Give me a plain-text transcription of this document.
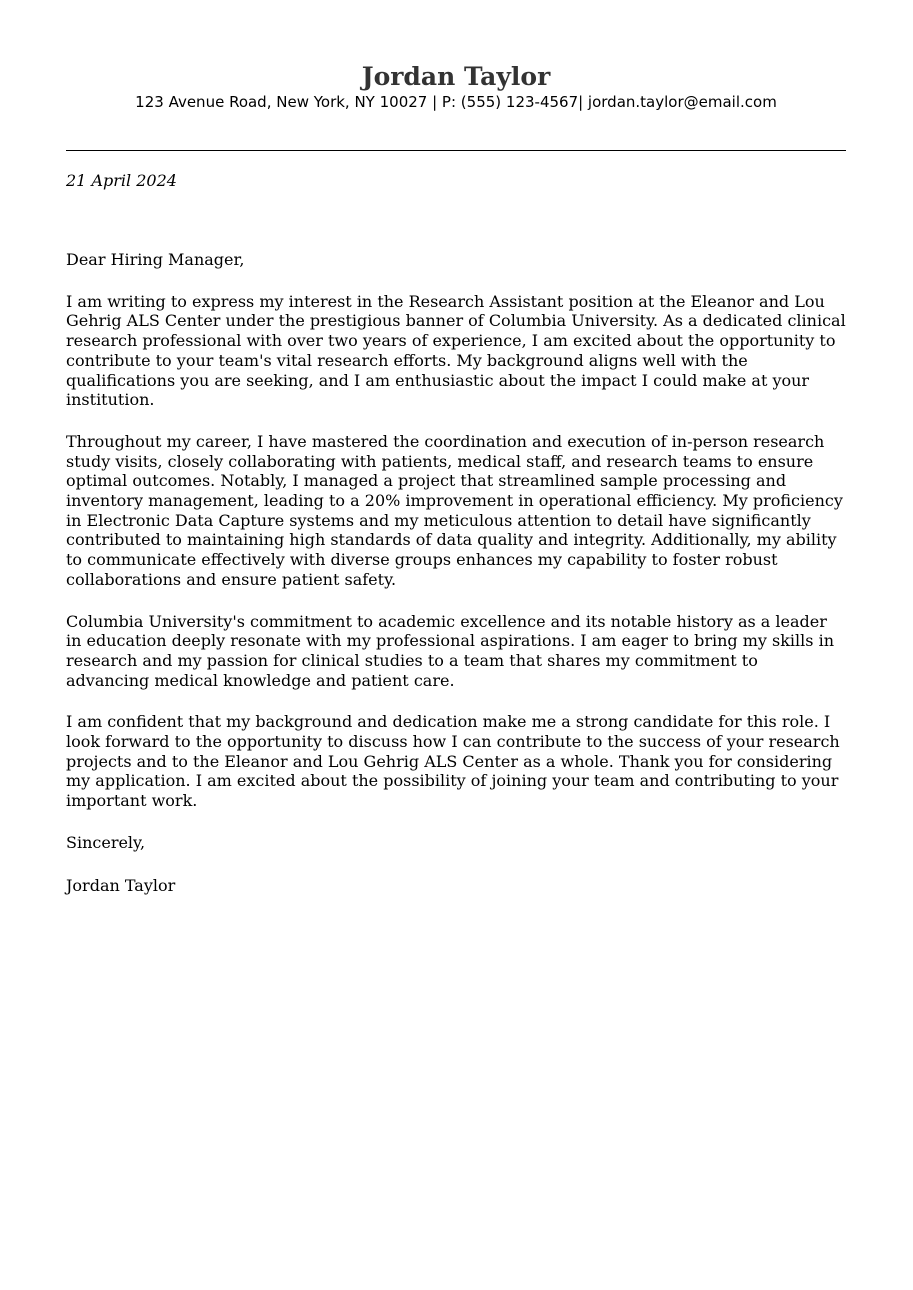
Jordan Taylor
123 Avenue Road, New York, NY 10027 | P: (555) 123-4567| jordan.taylor@email.com
21 April 2024

Dear Hiring Manager,

I am writing to express my interest in the Research Assistant position at the Eleanor and Lou Gehrig ALS Center under the prestigious banner of Columbia University. As a dedicated clinical research professional with over two years of experience, I am excited about the opportunity to contribute to your team's vital research efforts. My background aligns well with the qualifications you are seeking, and I am enthusiastic about the impact I could make at your institution.

Throughout my career, I have mastered the coordination and execution of in-person research study visits, closely collaborating with patients, medical staff, and research teams to ensure optimal outcomes. Notably, I managed a project that streamlined sample processing and inventory management, leading to a 20% improvement in operational efficiency. My proficiency in Electronic Data Capture systems and my meticulous attention to detail have significantly contributed to maintaining high standards of data quality and integrity. Additionally, my ability to communicate effectively with diverse groups enhances my capability to foster robust collaborations and ensure patient safety.

Columbia University's commitment to academic excellence and its notable history as a leader in education deeply resonate with my professional aspirations. I am eager to bring my skills in research and my passion for clinical studies to a team that shares my commitment to advancing medical knowledge and patient care.

I am confident that my background and dedication make me a strong candidate for this role. I look forward to the opportunity to discuss how I can contribute to the success of your research projects and to the Eleanor and Lou Gehrig ALS Center as a whole. Thank you for considering my application. I am excited about the possibility of joining your team and contributing to your important work.

Sincerely,

Jordan Taylor
